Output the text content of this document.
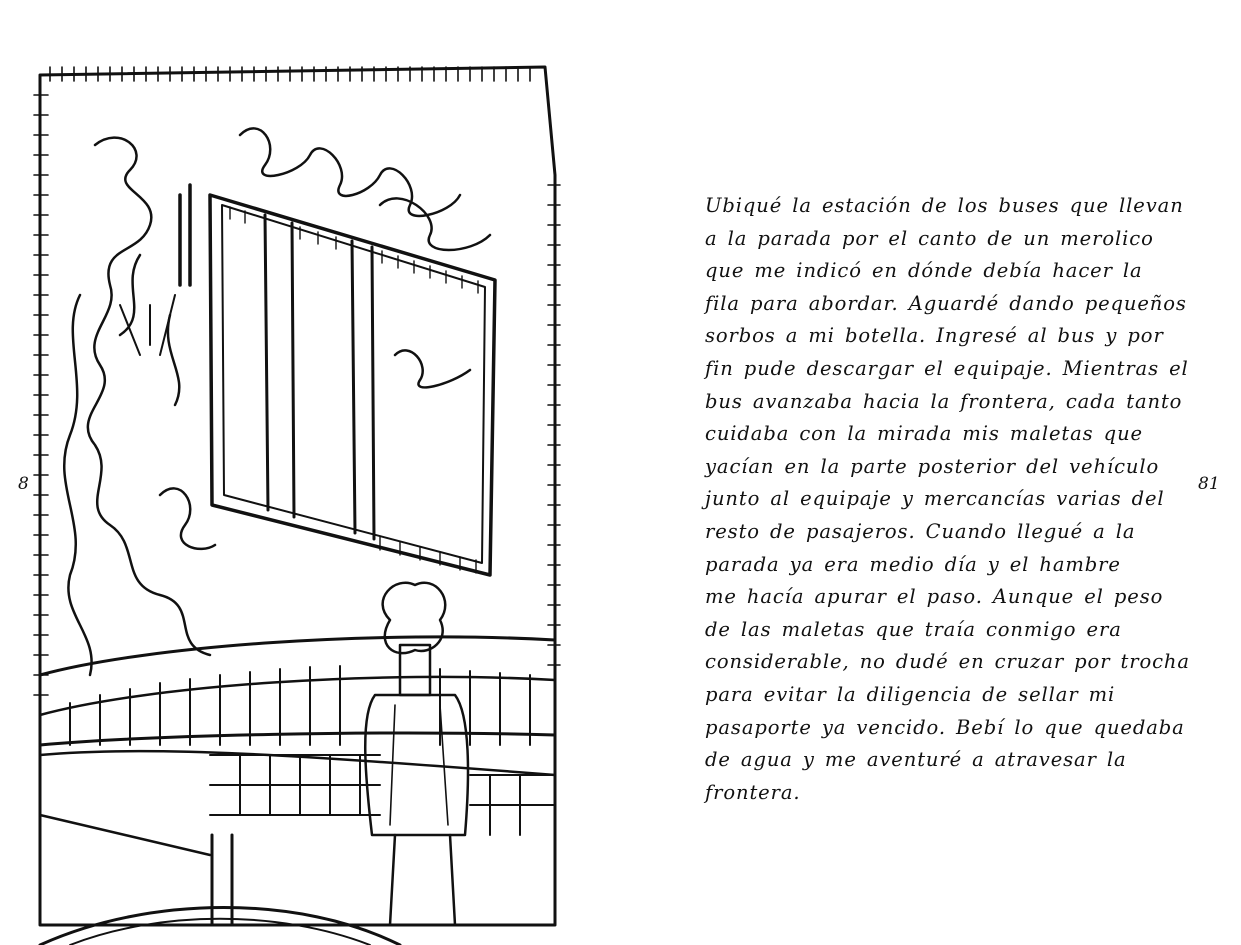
8
Ubiqué la estación de los buses que llevan
a la parada por el canto de un merolico
que me indicó en dónde debía hacer la
fila para abordar. Aguardé dando pequeños
sorbos a mi botella. Ingresé al bus y por
fin pude descargar el equipaje. Mientras el
bus avanzaba hacia la frontera, cada tanto
cuidaba con la mirada mis maletas que
yacían en la parte posterior del vehículo
junto al equipaje y mercancías varias del
resto de pasajeros. Cuando llegué a la
parada ya era medio día y el hambre
me hacía apurar el paso. Aunque el peso
de las maletas que traía conmigo era
considerable, no dudé en cruzar por trocha
para evitar la diligencia de sellar mi
pasaporte ya vencido. Bebí lo que quedaba
de agua y me aventuré a atravesar la
frontera.
81
